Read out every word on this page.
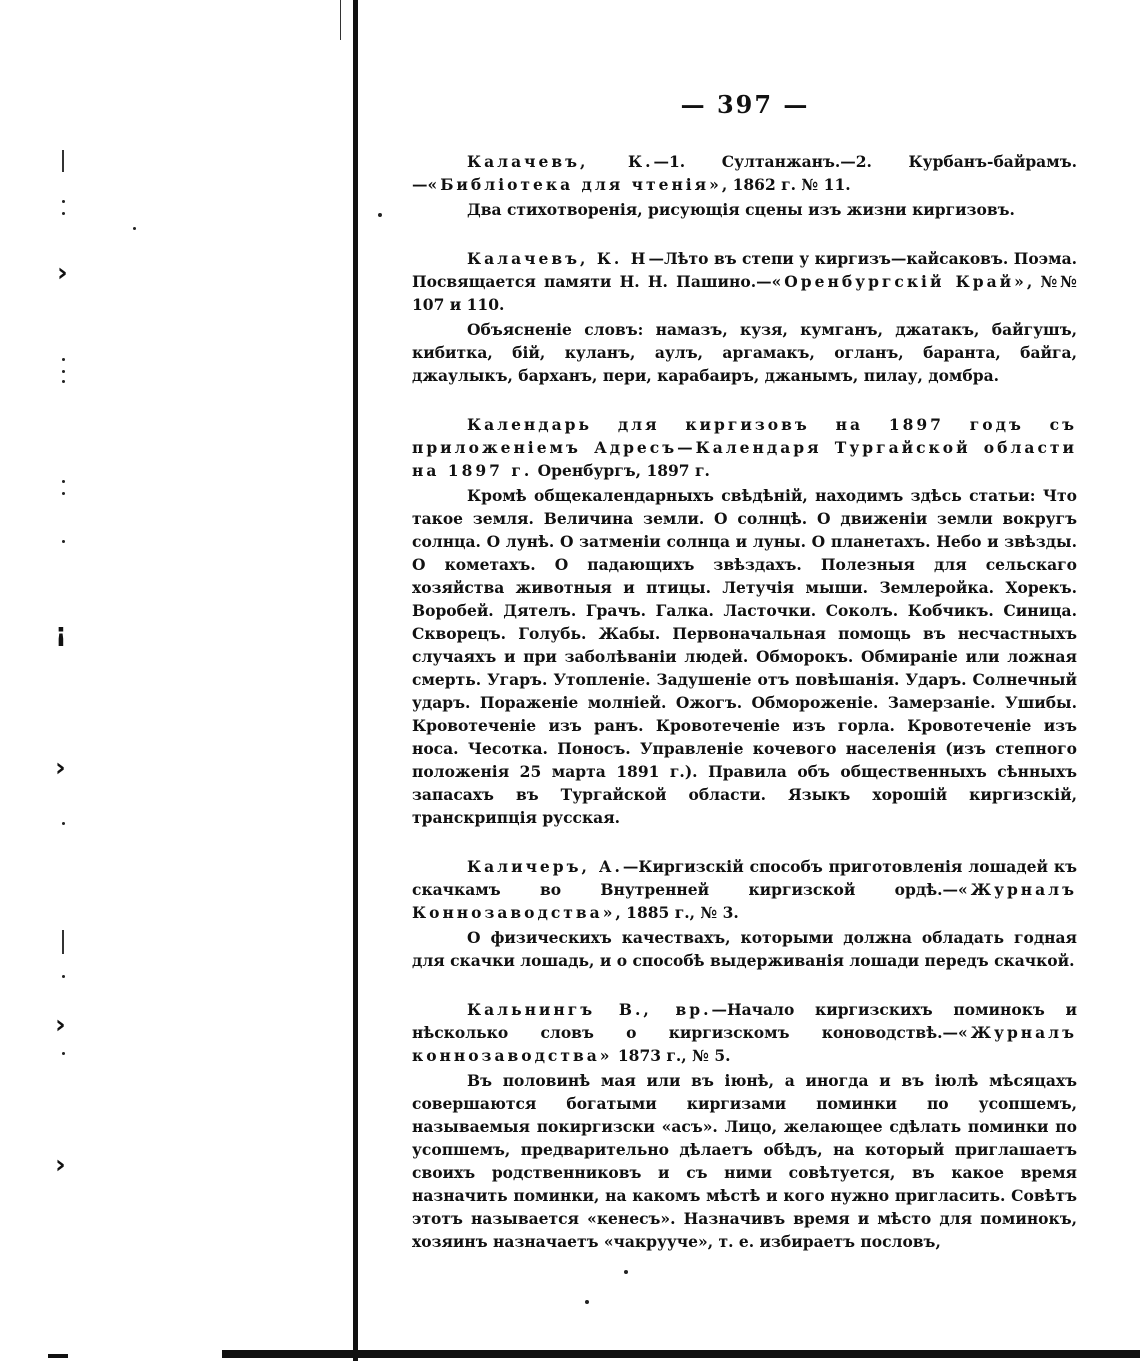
›
¡
›
›
›
— 397 —

Калачевъ, К.—1. Султанжанъ.—2. Курбанъ-байрамъ.—«Библіотека для чтенія», 1862 г. № 11.

Два стихотворенія, рисующія сцены изъ жизни киргизовъ.

Калачевъ, К. Н—Лѣто въ степи у киргизъ—кайсаковъ. Поэма. Посвящается памяти Н. Н. Пашино.—«Оренбургскій Край», №№ 107 и 110.

Объясненіе словъ: намазъ, кузя, кумганъ, джатакъ, байгушъ, кибитка, бій, куланъ, аулъ, аргамакъ, огланъ, баранта, байга, джаулыкъ, барханъ, пери, карабаиръ, джанымъ, пилау, домбра.

Календарь для киргизовъ на 1897 годъ съ приложеніемъ Адресъ—Календаря Тургайской области на 1897 г. Оренбургъ, 1897 г.

Кромѣ общекалендарныхъ свѣдѣній, находимъ здѣсь статьи: Что такое земля. Величина земли. О солнцѣ. О движеніи земли вокругъ солнца. О лунѣ. О затменіи солнца и луны. О планетахъ. Небо и звѣзды. О кометахъ. О падающихъ звѣздахъ. Полезныя для сельскаго хозяйства животныя и птицы. Летучія мыши. Землеройка. Хорекъ. Воробей. Дятелъ. Грачъ. Галка. Ласточки. Соколъ. Кобчикъ. Синица. Скворецъ. Голубь. Жабы. Первоначальная помощь въ несчастныхъ случаяхъ и при заболѣваніи людей. Обморокъ. Обмираніе или ложная смерть. Угаръ. Утопленіе. Задушеніе отъ повѣшанія. Ударъ. Солнечный ударъ. Пораженіе молніей. Ожогъ. Обмороженіе. Замерзаніе. Ушибы. Кровотеченіе изъ ранъ. Кровотеченіе изъ горла. Кровотеченіе изъ носа. Чесотка. Поносъ. Управленіе кочевого населенія (изъ степного положенія 25 марта 1891 г.). Правила объ общественныхъ сѣнныхъ запасахъ въ Тургайской области. Языкъ хорошій киргизскій, транскрипція русская.

Каличеръ, А.—Киргизскій способъ приготовленія лошадей къ скачкамъ во Внутренней киргизской ордѣ.—«Журналъ Коннозаводства», 1885 г., № 3.

О физическихъ качествахъ, которыми должна обладать годная для скачки лошадь, и о способѣ выдерживанія лошади передъ скачкой.

Кальнингъ В., вр.—Начало киргизскихъ поминокъ и нѣсколько словъ о киргизскомъ коноводствѣ.—«Журналъ коннозаводства» 1873 г., № 5.

Въ половинѣ мая или въ іюнѣ, а иногда и въ іюлѣ мѣсяцахъ совершаются богатыми киргизами поминки по усопшемъ, называемыя покиргизски «асъ». Лицо, желающее сдѣлать поминки по усопшемъ, предварительно дѣлаетъ обѣдъ, на который приглашаетъ своихъ родственниковъ и съ ними совѣтуется, въ какое время назначить поминки, на какомъ мѣстѣ и кого нужно пригласить. Совѣтъ этотъ называется «кенесъ». Назначивъ время и мѣсто для поминокъ, хозяинъ назначаетъ «чакрууче», т. е. избираетъ пословъ,
